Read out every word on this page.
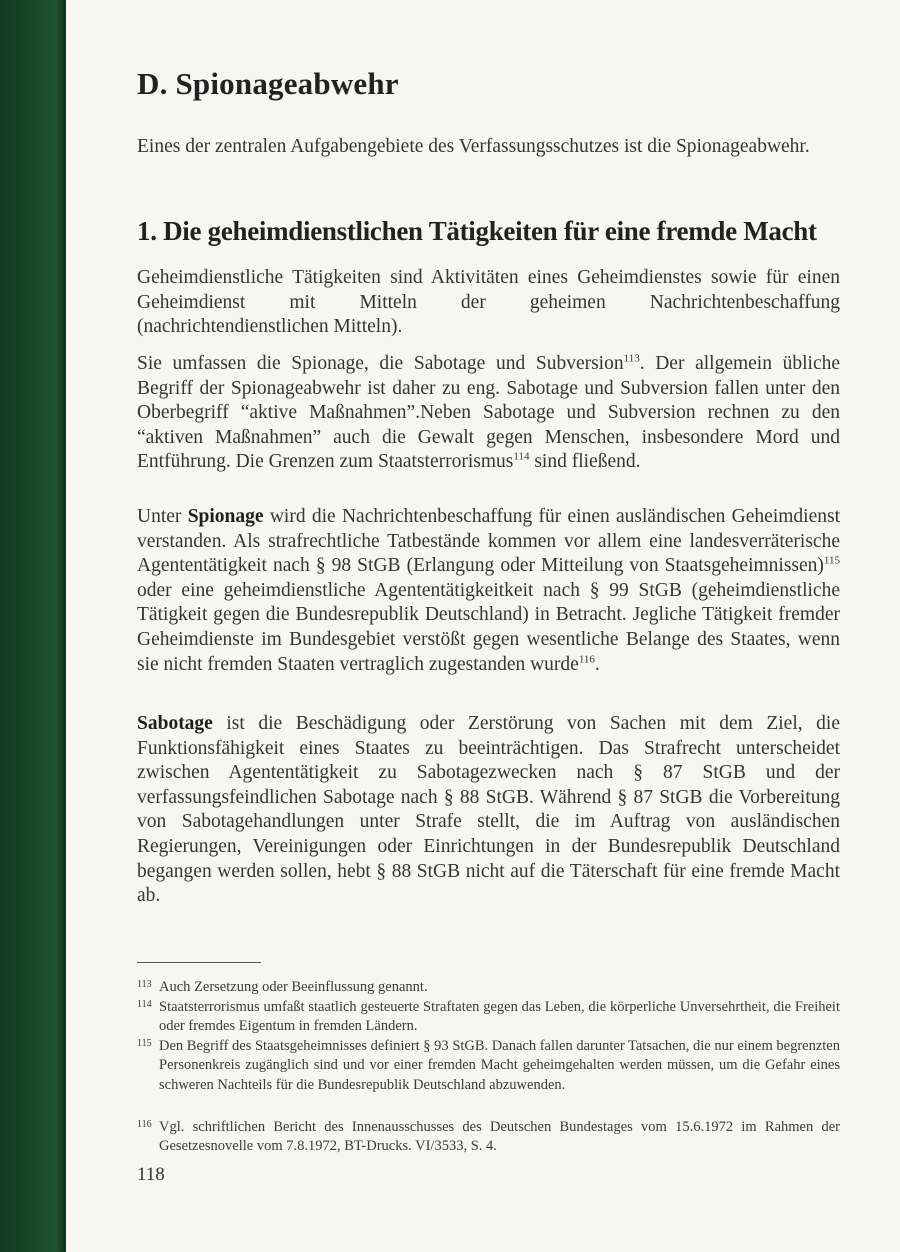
D. Spionageabwehr

Eines der zentralen Aufgabengebiete des Verfassungsschutzes ist die Spionageabwehr.

1. Die geheimdienstlichen Tätigkeiten für eine fremde Macht

Geheimdienstliche Tätigkeiten sind Aktivitäten eines Geheimdienstes sowie für einen Geheimdienst mit Mitteln der geheimen Nachrichtenbeschaffung (nachrichtendienstlichen Mitteln).

Sie umfassen die Spionage, die Sabotage und Subversion$^{113}$. Der allgemein übliche Begriff der Spionageabwehr ist daher zu eng. Sabotage und Subversion fallen unter den Oberbegriff “aktive Maßnahmen”.Neben Sabotage und Subversion rechnen zu den “aktiven Maßnahmen” auch die Gewalt gegen Menschen, insbesondere Mord und Entführung. Die Grenzen zum Staatsterrorismus$^{114}$ sind fließend.

Unter Spionage wird die Nachrichtenbeschaffung für einen ausländischen Geheimdienst verstanden. Als strafrechtliche Tatbestände kommen vor allem eine landesverräterische Agententätigkeit nach § 98 StGB (Erlangung oder Mitteilung von Staatsgeheimnissen)$^{115}$ oder eine geheimdienstliche Agententätigkeitkeit nach § 99 StGB (geheimdienstliche Tätigkeit gegen die Bundesrepublik Deutschland) in Betracht. Jegliche Tätigkeit fremder Geheimdienste im Bundesgebiet verstößt gegen wesentliche Belange des Staates, wenn sie nicht fremden Staaten vertraglich zugestanden wurde$^{116}$.

Sabotage ist die Beschädigung oder Zerstörung von Sachen mit dem Ziel, die Funktionsfähigkeit eines Staates zu beeinträchtigen. Das Strafrecht unterscheidet zwischen Agententätigkeit zu Sabotagezwecken nach § 87 StGB und der verfassungsfeindlichen Sabotage nach § 88 StGB. Während § 87 StGB die Vorbereitung von Sabotagehandlungen unter Strafe stellt, die im Auftrag von ausländischen Regierungen, Vereinigungen oder Einrichtungen in der Bundesrepublik Deutschland begangen werden sollen, hebt § 88 StGB nicht auf die Täterschaft für eine fremde Macht ab.

113 Auch Zersetzung oder Beeinflussung genannt.

114 Staatsterrorismus umfaßt staatlich gesteuerte Straftaten gegen das Leben, die körperliche Unversehrtheit, die Freiheit oder fremdes Eigentum in fremden Ländern.

115 Den Begriff des Staatsgeheimnisses definiert § 93 StGB. Danach fallen darunter Tatsachen, die nur einem begrenzten Personenkreis zugänglich sind und vor einer fremden Macht geheimgehalten werden müssen, um die Gefahr eines schweren Nachteils für die Bundesrepublik Deutschland abzuwenden.

116 Vgl. schriftlichen Bericht des Innenausschusses des Deutschen Bundestages vom 15.6.1972 im Rahmen der Gesetzesnovelle vom 7.8.1972, BT-Drucks. VI/3533, S. 4.

118
